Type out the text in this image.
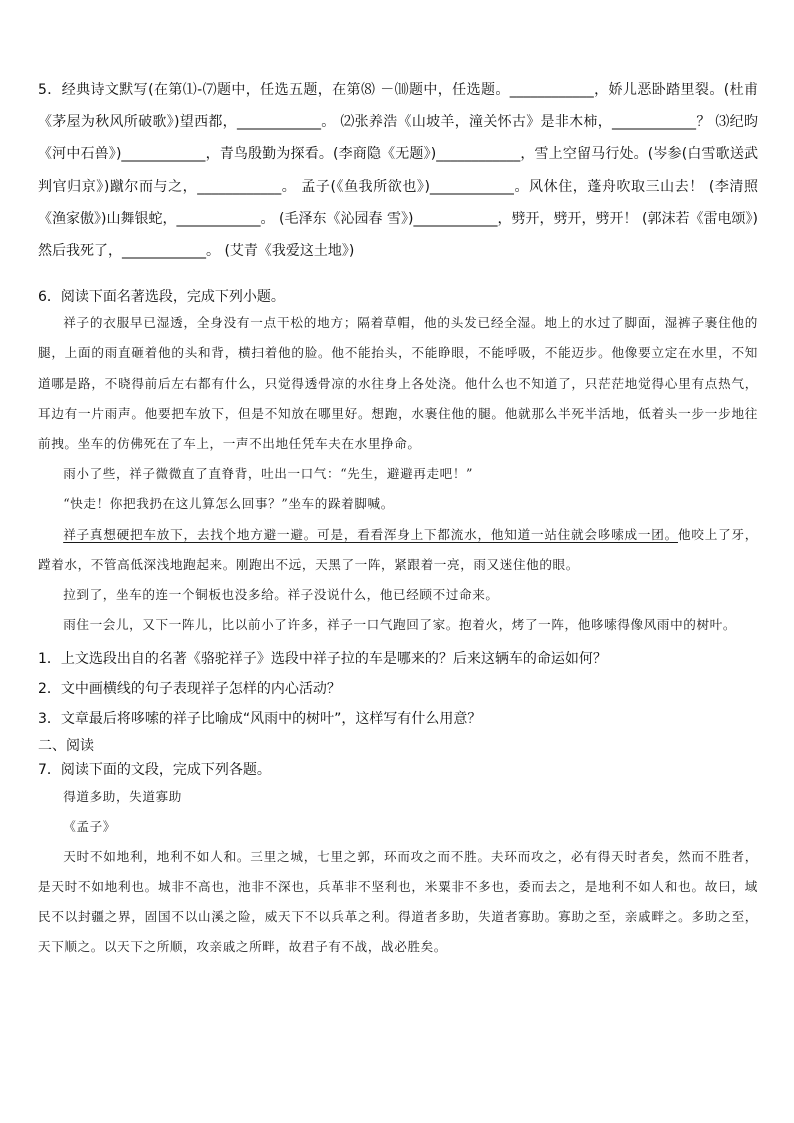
5．经典诗文默写(在第⑴-⑺题中，任选五题，在第⑻ －⑽题中，任选题。____________，娇儿恶卧踏里裂。(杜甫《茅屋为秋风所破歌》)望西都，____________。 ⑵张养浩《山坡羊，潼关怀古》是非木柿，____________？ ⑶纪昀《河中石兽》)____________，青鸟殷勤为探看。(李商隐《无题》)____________，雪上空留马行处。(岑参(白雪歌送武判官归京》)蹴尔而与之，____________。 孟子(《鱼我所欲也》)____________。风休住，蓬舟吹取三山去！ (李清照《渔家傲》)山舞银蛇，____________。 (毛泽东《沁园春 雪》)____________，劈开，劈开，劈开！ (郭沫若《雷电颂》)然后我死了，____________。 (艾青《我爱这土地》)
6．阅读下面名著选段，完成下列小题。

祥子的衣服早已湿透，全身没有一点干松的地方；隔着草帽，他的头发已经全湿。地上的水过了脚面，湿裤子裹住他的腿，上面的雨直砸着他的头和背，横扫着他的脸。他不能抬头，不能睁眼，不能呼吸，不能迈步。他像要立定在水里，不知道哪是路，不晓得前后左右都有什么，只觉得透骨凉的水往身上各处浇。他什么也不知道了，只茫茫地觉得心里有点热气，耳边有一片雨声。他要把车放下，但是不知放在哪里好。想跑，水裹住他的腿。他就那么半死半活地，低着头一步一步地往前拽。坐车的仿佛死在了车上，一声不出地任凭车夫在水里挣命。

雨小了些，祥子微微直了直脊背，吐出一口气：“先生，避避再走吧！”

“快走！你把我扔在这儿算怎么回事？”坐车的跺着脚喊。

祥子真想硬把车放下，去找个地方避一避。可是，看看浑身上下都流水，他知道一站住就会哆嗦成一团。他咬上了牙，蹚着水，不管高低深浅地跑起来。刚跑出不远，天黑了一阵，紧跟着一亮，雨又迷住他的眼。

拉到了，坐车的连一个铜板也没多给。祥子没说什么，他已经顾不过命来。

雨住一会儿，又下一阵儿，比以前小了许多，祥子一口气跑回了家。抱着火，烤了一阵，他哆嗦得像风雨中的树叶。

1．上文选段出自的名著《骆驼祥子》选段中祥子拉的车是哪来的？后来这辆车的命运如何？
2．文中画横线的句子表现祥子怎样的内心活动？
3．文章最后将哆嗦的祥子比喻成“风雨中的树叶”，这样写有什么用意？
二、阅读
7．阅读下面的文段，完成下列各题。
得道多助，失道寡助
《孟子》
天时不如地利，地利不如人和。三里之城，七里之郭，环而攻之而不胜。夫环而攻之，必有得天时者矣，然而不胜者，是天时不如地利也。城非不高也，池非不深也，兵革非不坚利也，米粟非不多也，委而去之，是地利不如人和也。故曰，域民不以封疆之界，固国不以山溪之险，威天下不以兵革之利。得道者多助，失道者寡助。寡助之至，亲戚畔之。多助之至，天下顺之。以天下之所顺，攻亲戚之所畔，故君子有不战，战必胜矣。
